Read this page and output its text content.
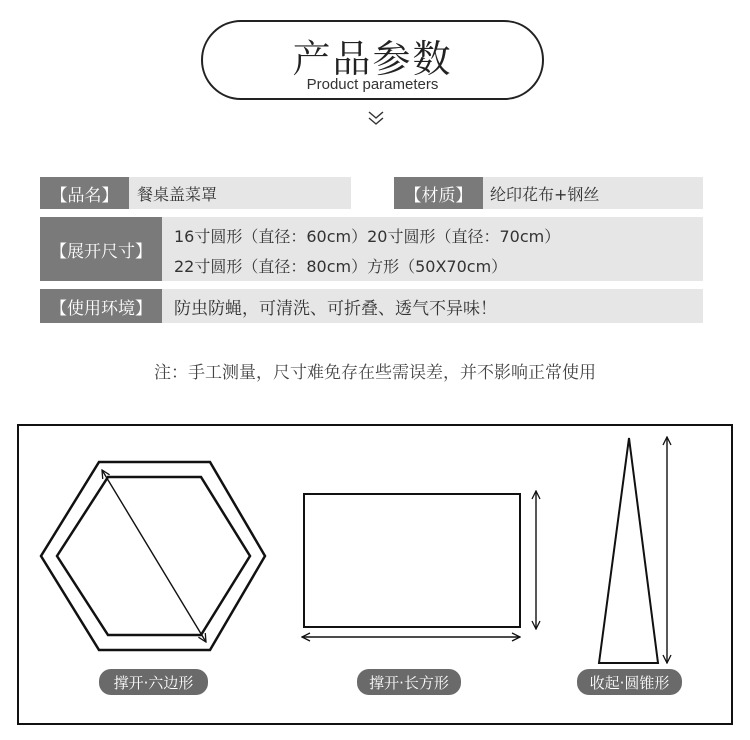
产品参数
Product parameters
【品名】	餐桌盖菜罩	【材质】	纶印花布+钢丝
【展开尺寸】
16寸圆形（直径：60cm）20寸圆形（直径：70cm）
22寸圆形（直径：80cm）方形（50X70cm）
【使用环境】	防虫防蝇，可清洗、可折叠、透气不异味！
注：手工测量，尺寸难免存在些需误差，并不影响正常使用
撑开·六边形	撑开·长方形	收起·圆锥形
